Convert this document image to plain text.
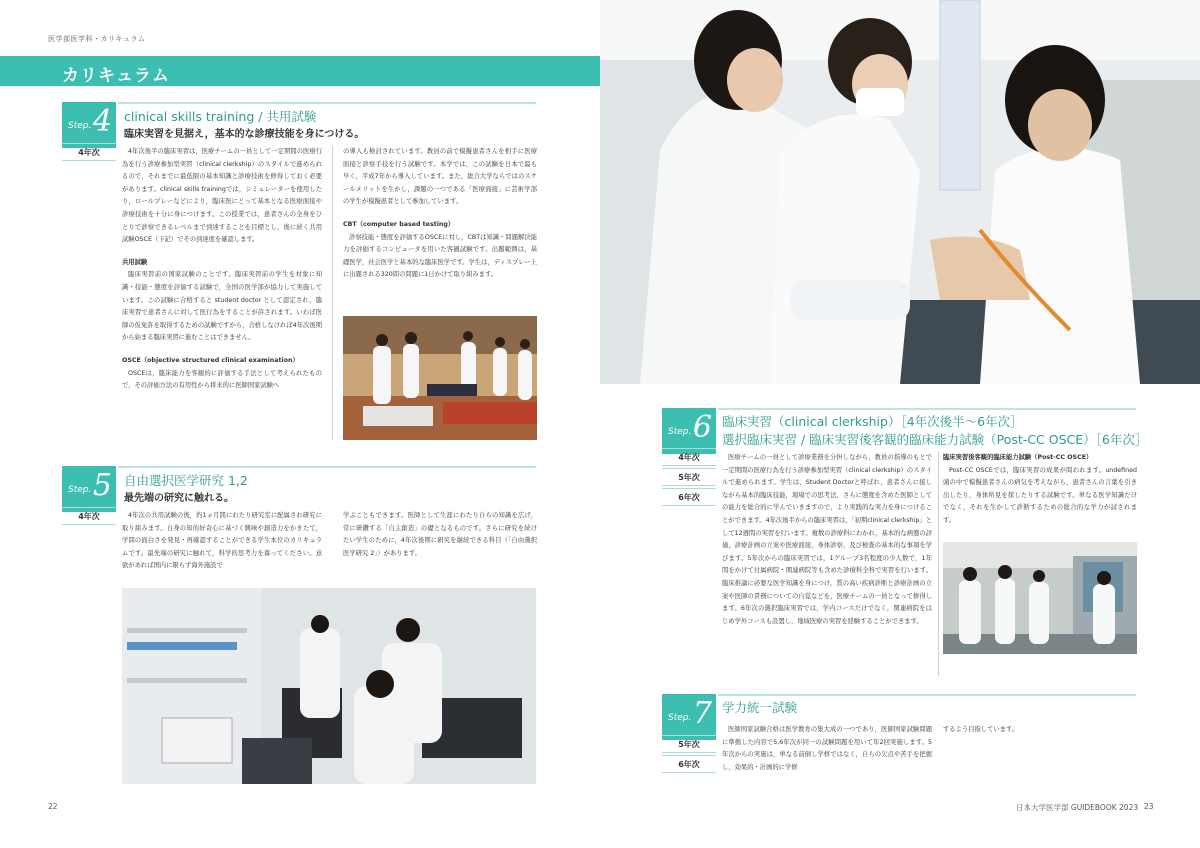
医学部医学科・カリキュラム
カリキュラム
Step. 4 clinical skills training / 共用試験
臨床実習を見据え，基本的な診療技能を身につける。
4年次	4年次後半の臨床実習は，医療チームの一員として一定期間の医療行為を行う診療参加型実習（clinical clerkship）のスタイルで進められるので，それまでに最低限の基本知識と診療技術を修得しておく必要があります。clinical skills trainingでは，シミュレーターを使用したり，ロールプレーなどにより，臨床医にとって基本となる医療面接や診療技術を十分に身につけます。この授業では，患者さんの全身をひとりで診察できるレベルまで到達することを目標とし，後に続く共用試験OSCE（下記）でその到達度を確認します。

共用試験

臨床実習前の国家試験のことです。臨床実習前の学生を対象に知識・技能・態度を評価する試験で，全国の医学部が協力して実施しています。この試験に合格すると student doctor として認定され，臨床実習で患者さんに対して医行為をすることが許されます。いわば医師の仮免許を取得するための試験ですから，合格しなければ4年次後期から始まる臨床実習に進むことはできません。

OSCE（objective structured clinical examination）

OSCEは，臨床能力を客観的に評価する手法として考えられたもので，その評価方法の有用性から将来的に医師国家試験へ

の導入も検討されています。教員の前で模擬患者さんを相手に医療面接と診察手技を行う試験です。本学では，この試験を日本で最も早く，平成7年から導入しています。また，総合大学ならではのスケールメリットを生かし，課題の一つである「医療面接」に芸術学部の学生が模擬患者として参加しています。

CBT（computer based testing）

診察技能・態度を評価するOSCEに対し，CBTは知識・問題解決能力を評価するコンピュータを用いた客観試験です。出題範囲は，基礎医学，社会医学と基本的な臨床医学です。学生は，ディスプレー上に出題される320問の問題に1日かけて取り組みます。

Step. 5 自由選択医学研究 1,2
最先端の研究に触れる。
4年次	4年次の共用試験の後，約1ヵ月間にわたり研究室に配属され研究に取り組みます。自身の知的好奇心に基づく興味や創造力をかきたて，学問の面白さを発見・再確認することができる学生本位のカリキュラムです。最先端の研究に触れて，科学的思考力を養ってください。意欲があれば国内に限らず海外施設で

学ぶこともできます。医師として生涯にわたり自らの知識を広げ，常に研鑽する「自主創造」の礎となるものです。さらに研究を続けたい学生のために，4年次後期に研究を継続できる科目（「自由選択医学研究 2」）があります。

22
Step. 6 臨床実習（clinical clerkship）［4年次後半～6年次］
選択臨床実習 / 臨床実習後客観的臨床能力試験（Post-CC OSCE）［6年次］
4年次
5年次
6年次

医療チームの一員として診療業務を分担しながら，教員の指導のもとで一定期間の医療行為を行う診療参加型実習（clinical clerkship）のスタイルで進められます。学生は，Student Doctorと呼ばれ，患者さんに接しながら基本的臨床技能，現場での思考法，さらに態度を含めた医師としての能力を総合的に学んでいきますので，より実践的な実力を身につけることができます。4年次後半からの臨床実習は，「初期clinical clerkship」として12週間の実習を行います。複数の診療科にわかれ，基本的な病態の評価，診療計画の立案や医療面接，身体診察，及び検査の基本的な事項を学びます。5年次からの臨床実習では，1グループ3名程度の少人数で，1年間をかけて付属病院・関連病院等も含めた診療科全科で実習を行います。臨床推論に必要な医学知識を身につけ，質の高い疾病診断と診療計画の立案や医師の責務についての自覚などを，医療チームの一員となって修得します。6年次の選択臨床実習では，学内コースだけでなく，関連病院をはじめ学外コースも設置し，地域医療の実習を経験することができます。

臨床実習後客観的臨床能力試験（Post-CC OSCE）

Post-CC OSCEでは，臨床実習の成果が問われます。undefined頭の中で模擬患者さんの病気を考えながら，患者さんの言葉を引き出したり，身体所見を探したりする試験です。単なる医学知識だけでなく，それを生かして診断するための総合的な学力が試されます。

Step. 7 学力統一試験
5年次
6年次

医師国家試験合格は医学教育の集大成の一つであり，医師国家試験問題に準拠した内容で5,6年次が同一の試験問題を用いて年2回実施します。5年次からの実施は，単なる前倒し学修ではなく，自らの欠点や苦手を把握し，効果的・計画的に学修

するよう目指しています。

日本大学医学部 GUIDEBOOK 2023 23
